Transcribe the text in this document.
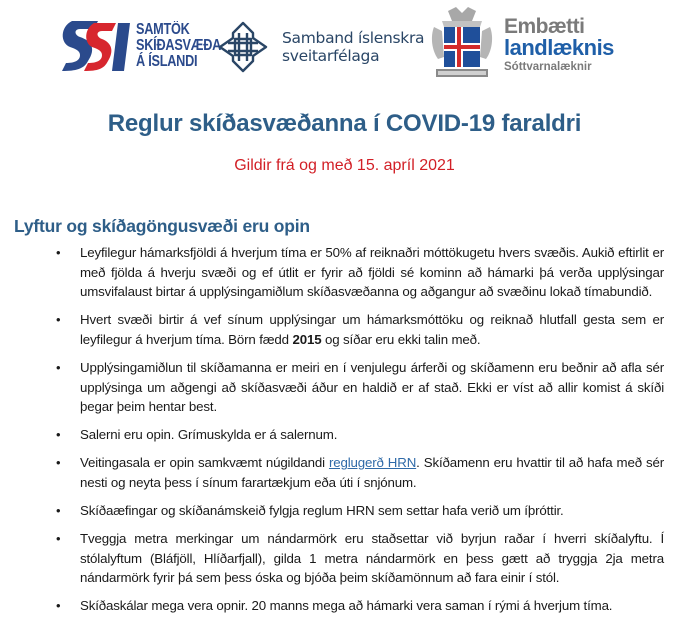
SAMTÖK
SKÍÐASVÆÐA
Á ÍSLANDI
Samband íslenskra
sveitarfélaga
Embætti
landlæknis
Sóttvarnalæknir
Reglur skíðasvæðanna í COVID-19 faraldri
Gildir frá og með 15. apríl 2021
Lyftur og skíðagöngusvæði eru opin
• Leyfilegur hámarksfjöldi á hverjum tíma er 50% af reiknaðri móttökugetu hvers svæðis. Aukið eftirlit er með fjölda á hverju svæði og ef útlit er fyrir að fjöldi sé kominn að hámarki þá verða upplýsingar umsvifalaust birtar á upplýsingamiðlum skíðasvæðanna og aðgangur að svæðinu lokað tímabundið.
• Hvert svæði birtir á vef sínum upplýsingar um hámarksmóttöku og reiknað hlutfall gesta sem er leyfilegur á hverjum tíma. Börn fædd 2015 og síðar eru ekki talin með.
• Upplýsingamiðlun til skíðamanna er meiri en í venjulegu árferði og skíðamenn eru beðnir að afla sér upplýsinga um aðgengi að skíðasvæði áður en haldið er af stað. Ekki er víst að allir komist á skíði þegar þeim hentar best.
• Salerni eru opin. Grímuskylda er á salernum.
• Veitingasala er opin samkvæmt núgildandi reglugerð HRN. Skíðamenn eru hvattir til að hafa með sér nesti og neyta þess í sínum farartækjum eða úti í snjónum.
• Skíðaæfingar og skíðanámskeið fylgja reglum HRN sem settar hafa verið um íþróttir.
• Tveggja metra merkingar um nándarmörk eru staðsettar við byrjun raðar í hverri skíðalyftu. Í stólalyftum (Bláfjöll, Hlíðarfjall), gilda 1 metra nándarmörk en þess gætt að tryggja 2ja metra nándarmörk fyrir þá sem þess óska og bjóða þeim skíðamönnum að fara einir í stól.
• Skíðaskálar mega vera opnir. 20 manns mega að hámarki vera saman í rými á hverjum tíma.
